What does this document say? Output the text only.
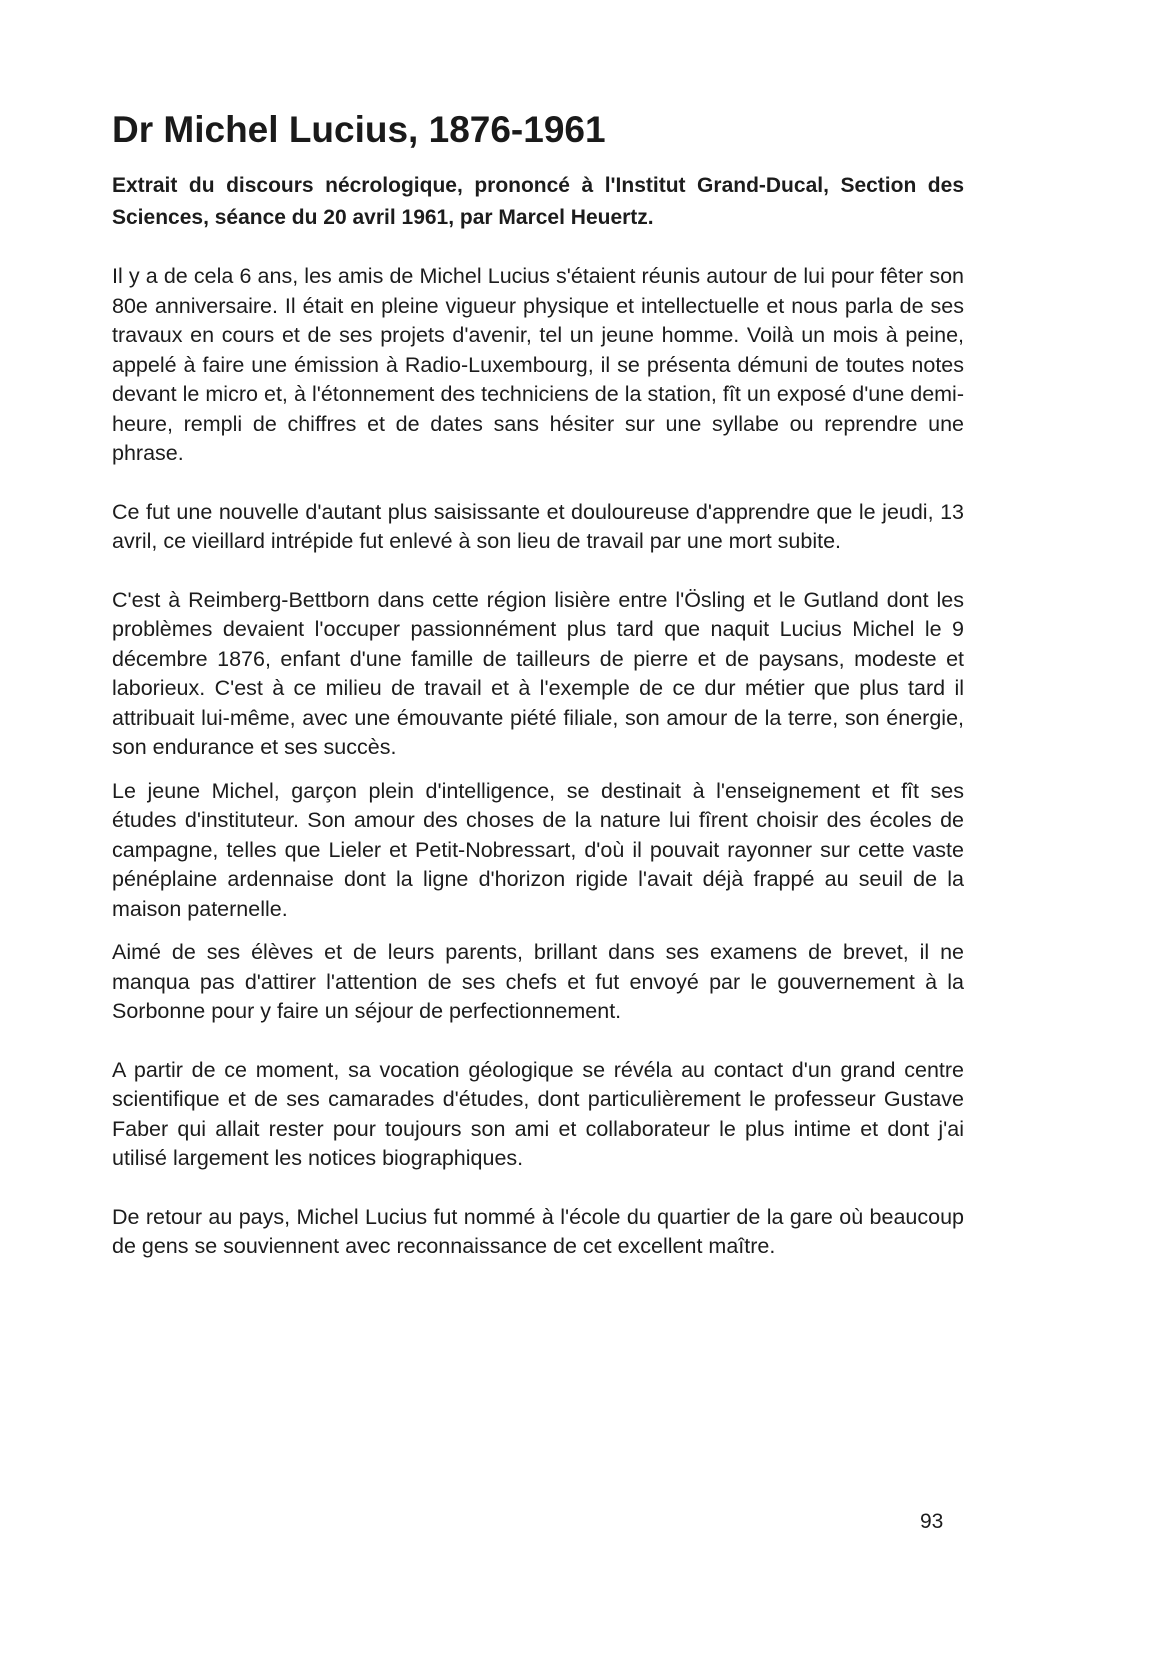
Dr Michel Lucius, 1876-1961

Extrait du discours nécrologique, prononcé à l'Institut Grand-Ducal, Section des Sciences, séance du 20 avril 1961, par Marcel Heuertz.

Il y a de cela 6 ans, les amis de Michel Lucius s'étaient réunis autour de lui pour fêter son 80e anniversaire. Il était en pleine vigueur physique et intellectuelle et nous parla de ses travaux en cours et de ses projets d'avenir, tel un jeune homme. Voilà un mois à peine, appelé à faire une émission à Radio-Luxembourg, il se présenta démuni de toutes notes devant le micro et, à l'étonnement des techniciens de la station, fît un exposé d'une demi-heure, rempli de chiffres et de dates sans hésiter sur une syllabe ou reprendre une phrase.

Ce fut une nouvelle d'autant plus saisissante et douloureuse d'apprendre que le jeudi, 13 avril, ce vieillard intrépide fut enlevé à son lieu de travail par une mort subite.

C'est à Reimberg-Bettborn dans cette région lisière entre l'Ösling et le Gutland dont les problèmes devaient l'occuper passionnément plus tard que naquit Lucius Michel le 9 décembre 1876, enfant d'une famille de tailleurs de pierre et de paysans, modeste et laborieux. C'est à ce milieu de travail et à l'exemple de ce dur métier que plus tard il attribuait lui-même, avec une émouvante piété filiale, son amour de la terre, son énergie, son endurance et ses succès.

Le jeune Michel, garçon plein d'intelligence, se destinait à l'enseignement et fît ses études d'instituteur. Son amour des choses de la nature lui fîrent choisir des écoles de campagne, telles que Lieler et Petit-Nobressart, d'où il pouvait rayonner sur cette vaste pénéplaine ardennaise dont la ligne d'horizon rigide l'avait déjà frappé au seuil de la maison paternelle.

Aimé de ses élèves et de leurs parents, brillant dans ses examens de brevet, il ne manqua pas d'attirer l'attention de ses chefs et fut envoyé par le gouvernement à la Sorbonne pour y faire un séjour de perfectionnement.

A partir de ce moment, sa vocation géologique se révéla au contact d'un grand centre scientifique et de ses camarades d'études, dont particulièrement le professeur Gustave Faber qui allait rester pour toujours son ami et collaborateur le plus intime et dont j'ai utilisé largement les notices biographiques.

De retour au pays, Michel Lucius fut nommé à l'école du quartier de la gare où beaucoup de gens se souviennent avec reconnaissance de cet excellent maître.

93
